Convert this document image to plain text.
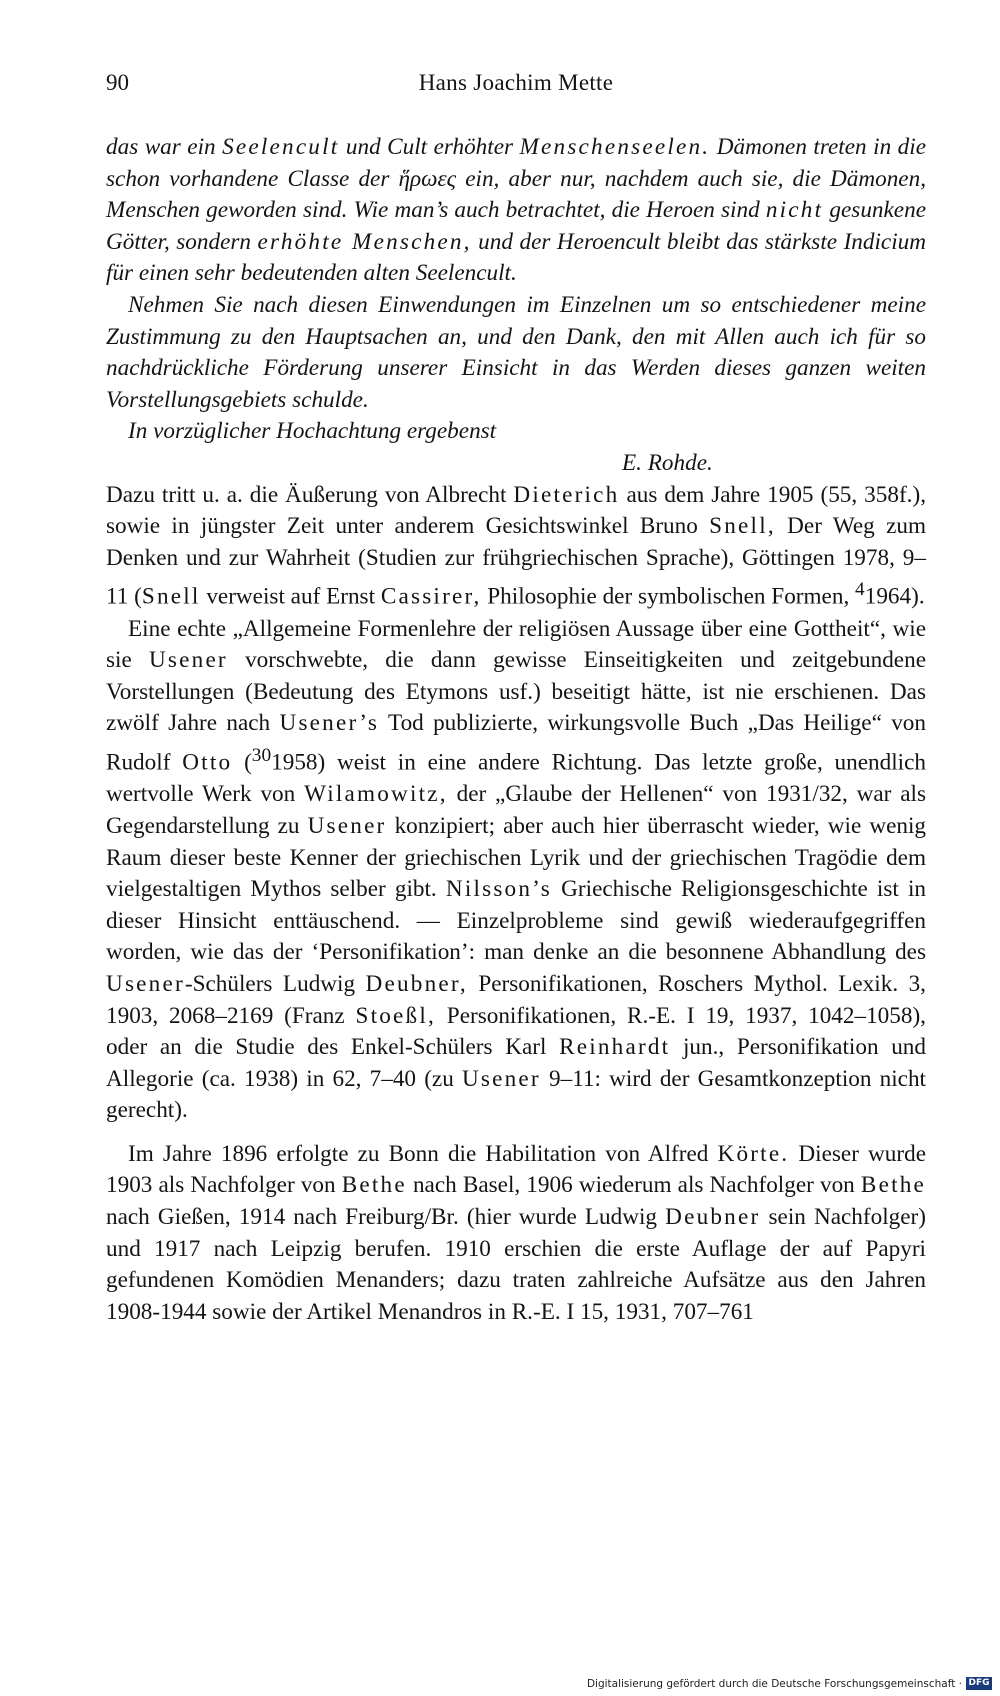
90	Hans Joachim Mette

das war ein Seelencult und Cult erhöhter Menschenseelen. Dämonen treten in die schon vorhandene Classe der ἥρωες ein, aber nur, nachdem auch sie, die Dämonen, Menschen geworden sind. Wie man’s auch betrachtet, die Heroen sind nicht gesunkene Götter, sondern erhöhte Menschen, und der Heroencult bleibt das stärkste Indicium für einen sehr bedeutenden alten Seelencult.

Nehmen Sie nach diesen Einwendungen im Einzelnen um so entschiedener meine Zustimmung zu den Hauptsachen an, und den Dank, den mit Allen auch ich für so nachdrückliche Förderung unserer Einsicht in das Werden dieses ganzen weiten Vorstellungsgebiets schulde.

In vorzüglicher Hochachtung ergebenst

E. Rohde.

Dazu tritt u. a. die Äußerung von Albrecht Dieterich aus dem Jahre 1905 (55, 358f.), sowie in jüngster Zeit unter anderem Gesichtswinkel Bruno Snell, Der Weg zum Denken und zur Wahrheit (Studien zur frühgriechischen Sprache), Göttingen 1978, 9–11 (Snell verweist auf Ernst Cassirer, Philosophie der symbolischen Formen, $^4$1964).

Eine echte „Allgemeine Formenlehre der religiösen Aussage über eine Gottheit“, wie sie Usener vorschwebte, die dann gewisse Einseitigkeiten und zeitgebundene Vorstellungen (Bedeutung des Etymons usf.) beseitigt hätte, ist nie erschienen. Das zwölf Jahre nach Usener’s Tod publizierte, wirkungsvolle Buch „Das Heilige“ von Rudolf Otto ($^{30}$1958) weist in eine andere Richtung. Das letzte große, unendlich wertvolle Werk von Wilamowitz, der „Glaube der Hellenen“ von 1931/32, war als Gegendarstellung zu Usener konzipiert; aber auch hier überrascht wieder, wie wenig Raum dieser beste Kenner der griechischen Lyrik und der griechischen Tragödie dem vielgestaltigen Mythos selber gibt. Nilsson’s Griechische Religionsgeschichte ist in dieser Hinsicht enttäuschend. — Einzelprobleme sind gewiß wiederaufgegriffen worden, wie das der ‘Personifikation’: man denke an die besonnene Abhandlung des Usener-Schülers Ludwig Deubner, Personifikationen, Roschers Mythol. Lexik. 3, 1903, 2068–2169 (Franz Stoeßl, Personifikationen, R.-E. I 19, 1937, 1042–1058), oder an die Studie des Enkel-Schülers Karl Reinhardt jun., Personifikation und Allegorie (ca. 1938) in 62, 7–40 (zu Usener 9–11: wird der Gesamtkonzeption nicht gerecht).

Im Jahre 1896 erfolgte zu Bonn die Habilitation von Alfred Körte. Dieser wurde 1903 als Nachfolger von Bethe nach Basel, 1906 wiederum als Nachfolger von Bethe nach Gießen, 1914 nach Freiburg/Br. (hier wurde Ludwig Deubner sein Nachfolger) und 1917 nach Leipzig berufen. 1910 erschien die erste Auflage der auf Papyri gefundenen Komödien Menanders; dazu traten zahlreiche Aufsätze aus den Jahren 1908-1944 sowie der Artikel Menandros in R.-E. I 15, 1931, 707–761

Digitalisierung gefördert durch die Deutsche Forschungsgemeinschaft · DFG
